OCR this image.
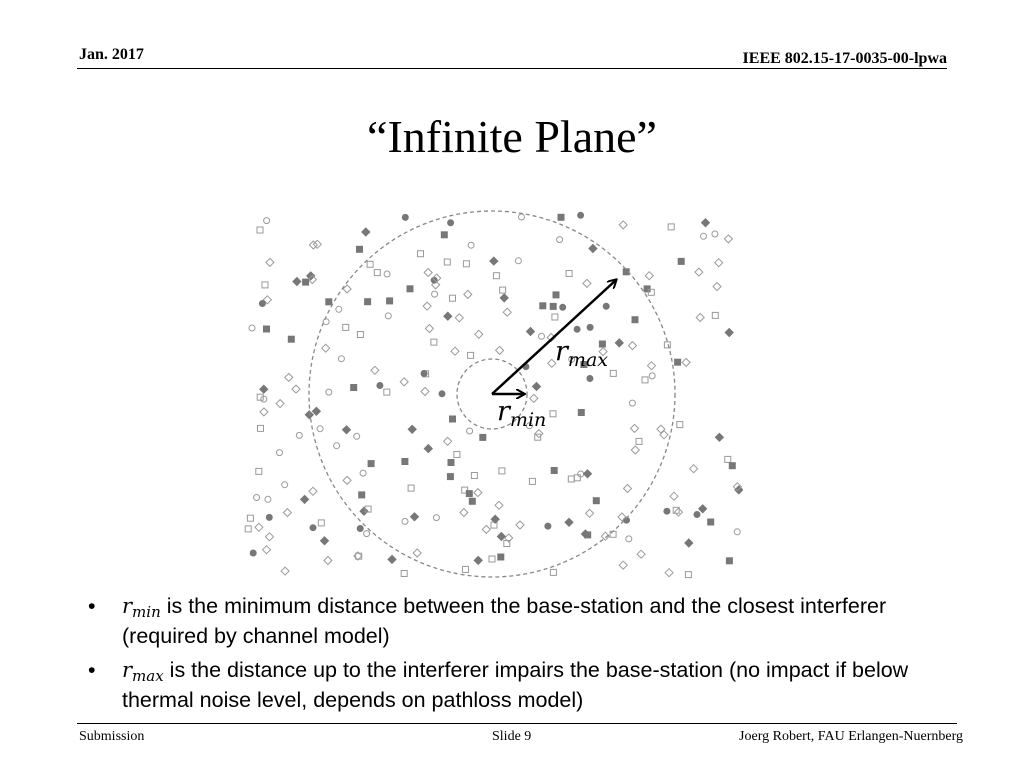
Jan. 2017	IEEE 802.15-17-0035-00-lpwa
“Infinite Plane”
$r_{max}$
$r_{min}$
• $r_{min}$ is the minimum distance between the base-station and the closest interferer (required by channel model)
• $r_{max}$ is the distance up to the interferer impairs the base-station (no impact if below thermal noise level, depends on pathloss model)
Submission	Slide 9	Joerg Robert, FAU Erlangen-Nuernberg
